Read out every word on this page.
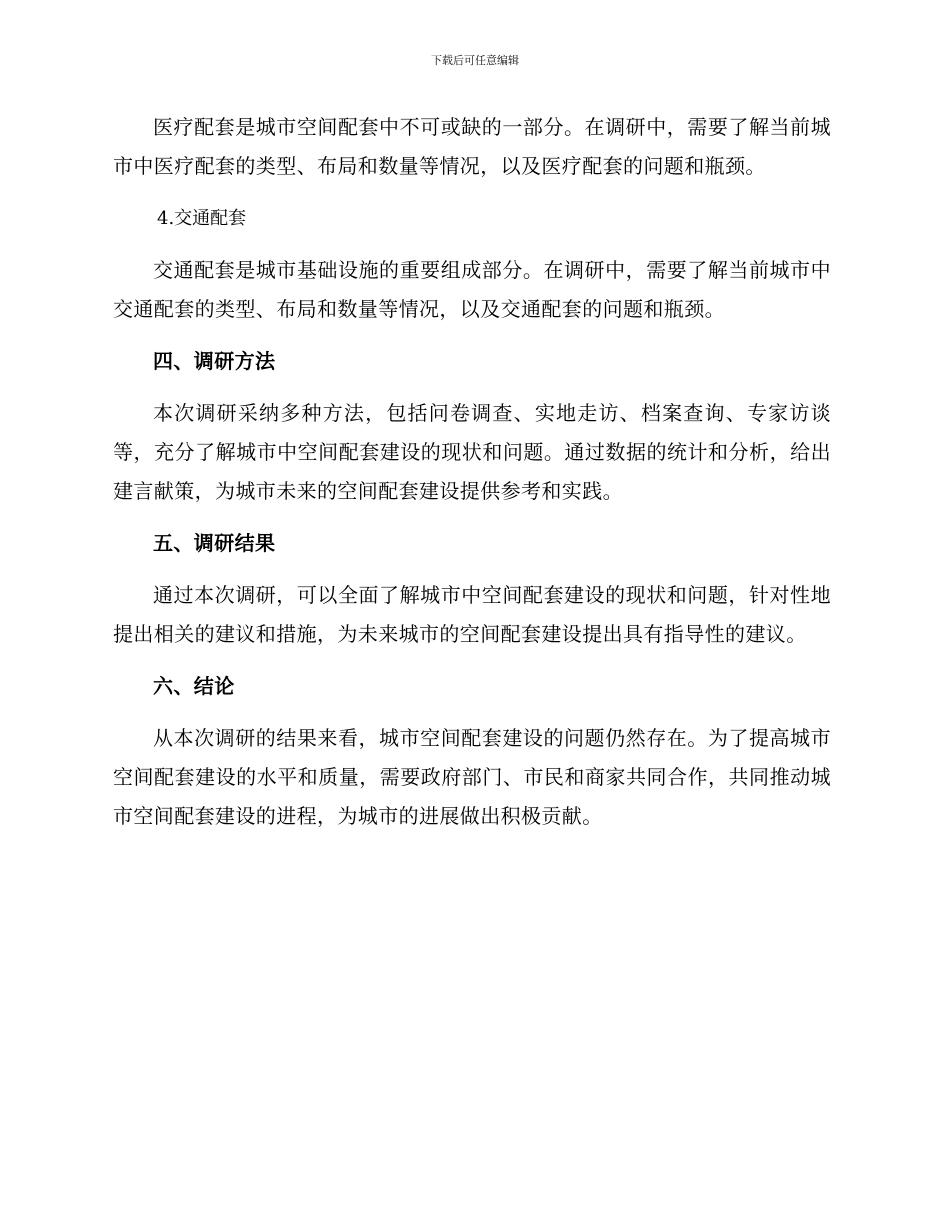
下载后可任意编辑

医疗配套是城市空间配套中不可或缺的一部分。在调研中，需要了解当前城市中医疗配套的类型、布局和数量等情况，以及医疗配套的问题和瓶颈。

4.交通配套

交通配套是城市基础设施的重要组成部分。在调研中，需要了解当前城市中交通配套的类型、布局和数量等情况，以及交通配套的问题和瓶颈。

四、调研方法

本次调研采纳多种方法，包括问卷调查、实地走访、档案查询、专家访谈等，充分了解城市中空间配套建设的现状和问题。通过数据的统计和分析，给出建言献策，为城市未来的空间配套建设提供参考和实践。

五、调研结果

通过本次调研，可以全面了解城市中空间配套建设的现状和问题，针对性地提出相关的建议和措施，为未来城市的空间配套建设提出具有指导性的建议。

六、结论

从本次调研的结果来看，城市空间配套建设的问题仍然存在。为了提高城市空间配套建设的水平和质量，需要政府部门、市民和商家共同合作，共同推动城市空间配套建设的进程，为城市的进展做出积极贡献。
